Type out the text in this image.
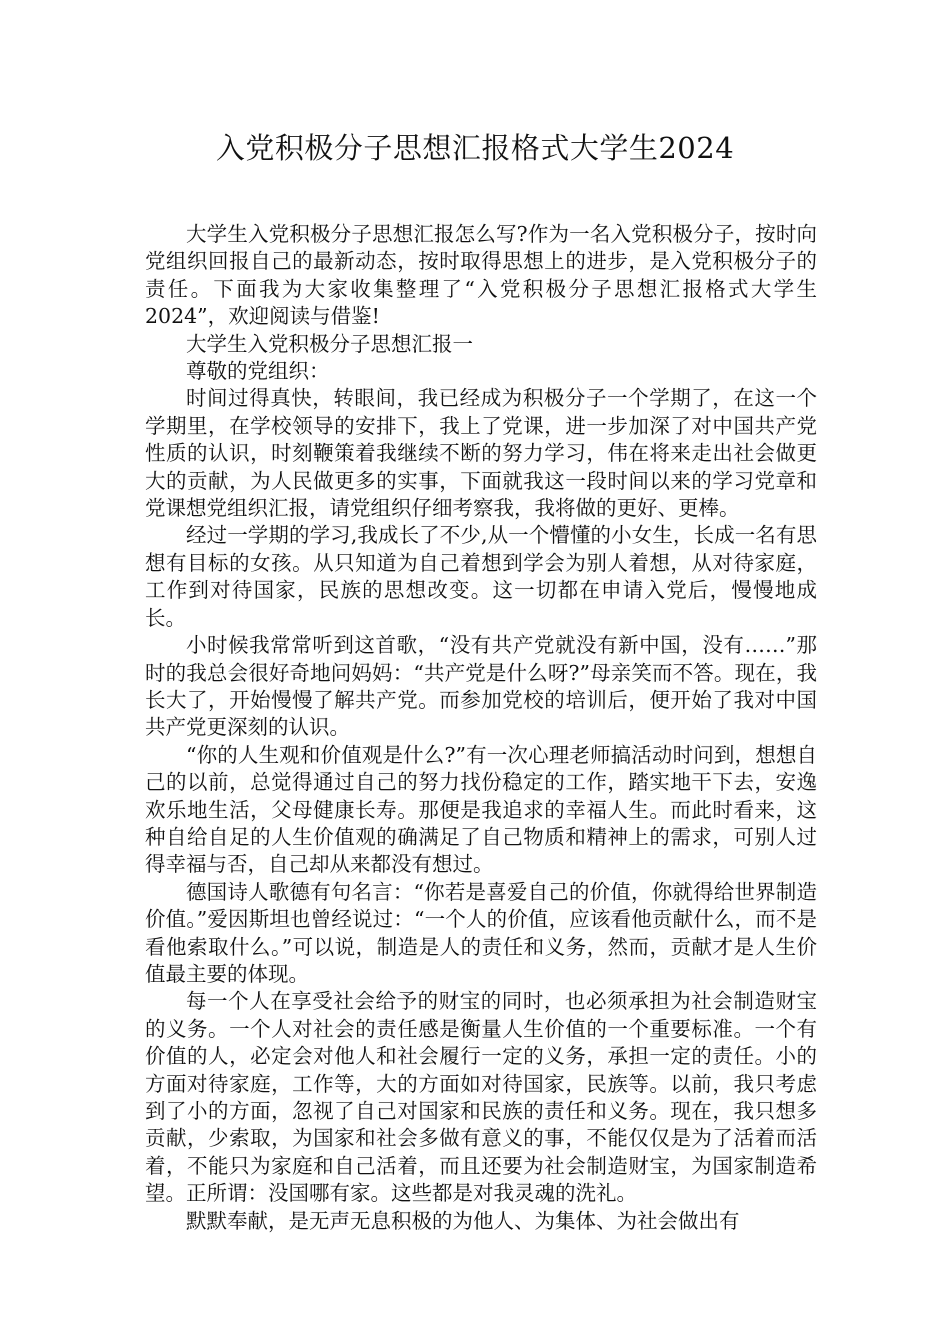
入党积极分子思想汇报格式大学生2024

大学生入党积极分子思想汇报怎么写?作为一名入党积极分子，按时向党组织回报自己的最新动态，按时取得思想上的进步，是入党积极分子的责任。下面我为大家收集整理了“入党积极分子思想汇报格式大学生2024”，欢迎阅读与借鉴!

大学生入党积极分子思想汇报一

尊敬的党组织：

时间过得真快，转眼间，我已经成为积极分子一个学期了，在这一个学期里，在学校领导的安排下，我上了党课，进一步加深了对中国共产党性质的认识，时刻鞭策着我继续不断的努力学习，伟在将来走出社会做更大的贡献，为人民做更多的实事，下面就我这一段时间以来的学习党章和党课想党组织汇报，请党组织仔细考察我，我将做的更好、更棒。

经过一学期的学习,我成长了不少,从一个懵懂的小女生，长成一名有思想有目标的女孩。从只知道为自己着想到学会为别人着想，从对待家庭，工作到对待国家，民族的思想改变。这一切都在申请入党后，慢慢地成长。

小时候我常常听到这首歌，“没有共产党就没有新中国，没有……”那时的我总会很好奇地问妈妈：“共产党是什么呀?”母亲笑而不答。现在，我长大了，开始慢慢了解共产党。而参加党校的培训后，便开始了我对中国共产党更深刻的认识。

“你的人生观和价值观是什么?”有一次心理老师搞活动时问到，想想自己的以前，总觉得通过自己的努力找份稳定的工作，踏实地干下去，安逸欢乐地生活，父母健康长寿。那便是我追求的幸福人生。而此时看来，这种自给自足的人生价值观的确满足了自己物质和精神上的需求，可别人过得幸福与否，自己却从来都没有想过。

德国诗人歌德有句名言：“你若是喜爱自己的价值，你就得给世界制造价值。”爱因斯坦也曾经说过：“一个人的价值，应该看他贡献什么，而不是看他索取什么。”可以说，制造是人的责任和义务，然而，贡献才是人生价值最主要的体现。

每一个人在享受社会给予的财宝的同时，也必须承担为社会制造财宝的义务。一个人对社会的责任感是衡量人生价值的一个重要标准。一个有价值的人，必定会对他人和社会履行一定的义务，承担一定的责任。小的方面对待家庭，工作等，大的方面如对待国家，民族等。以前，我只考虑到了小的方面，忽视了自己对国家和民族的责任和义务。现在，我只想多贡献，少索取，为国家和社会多做有意义的事，不能仅仅是为了活着而活着，不能只为家庭和自己活着，而且还要为社会制造财宝，为国家制造希望。正所谓：没国哪有家。这些都是对我灵魂的洗礼。

默默奉献，是无声无息积极的为他人、为集体、为社会做出有
